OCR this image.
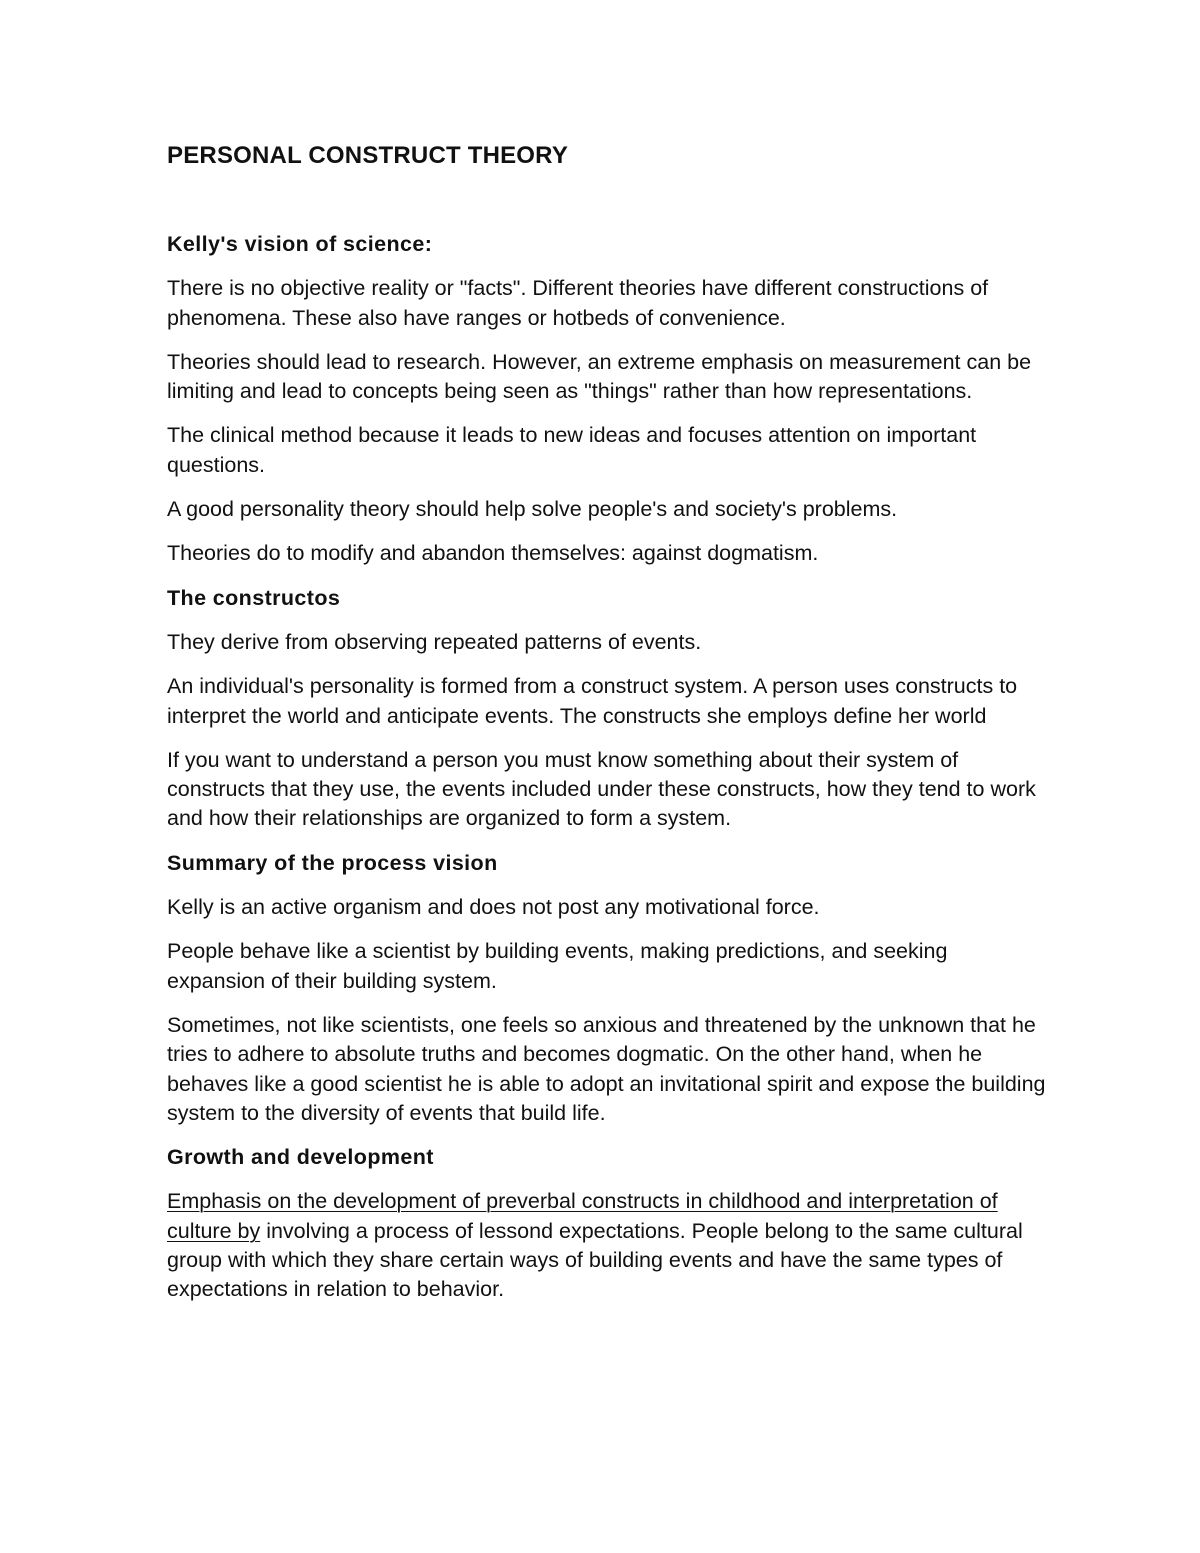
PERSONAL CONSTRUCT THEORY

Kelly's vision of science:

There is no objective reality or "facts". Different theories have different constructions of phenomena. These also have ranges or hotbeds of convenience.

Theories should lead to research. However, an extreme emphasis on measurement can be limiting and lead to concepts being seen as "things" rather than how representations.

The clinical method because it leads to new ideas and focuses attention on important questions.

A good personality theory should help solve people's and society's problems.

Theories do to modify and abandon themselves: against dogmatism.

The constructos

They derive from observing repeated patterns of events.

An individual's personality is formed from a construct system. A person uses constructs to interpret the world and anticipate events. The constructs she employs define her world

If you want to understand a person you must know something about their system of constructs that they use, the events included under these constructs, how they tend to work and how their relationships are organized to form a system.

Summary of the process vision

Kelly is an active organism and does not post any motivational force.

People behave like a scientist by building events, making predictions, and seeking expansion of their building system.

Sometimes, not like scientists, one feels so anxious and threatened by the unknown that he tries to adhere to absolute truths and becomes dogmatic. On the other hand, when he behaves like a good scientist he is able to adopt an invitational spirit and expose the building system to the diversity of events that build life.

Growth and development

Emphasis on the development of preverbal constructs in childhood and interpretation of culture by involving a process of lessond expectations. People belong to the same cultural group with which they share certain ways of building events and have the same types of expectations in relation to behavior.
